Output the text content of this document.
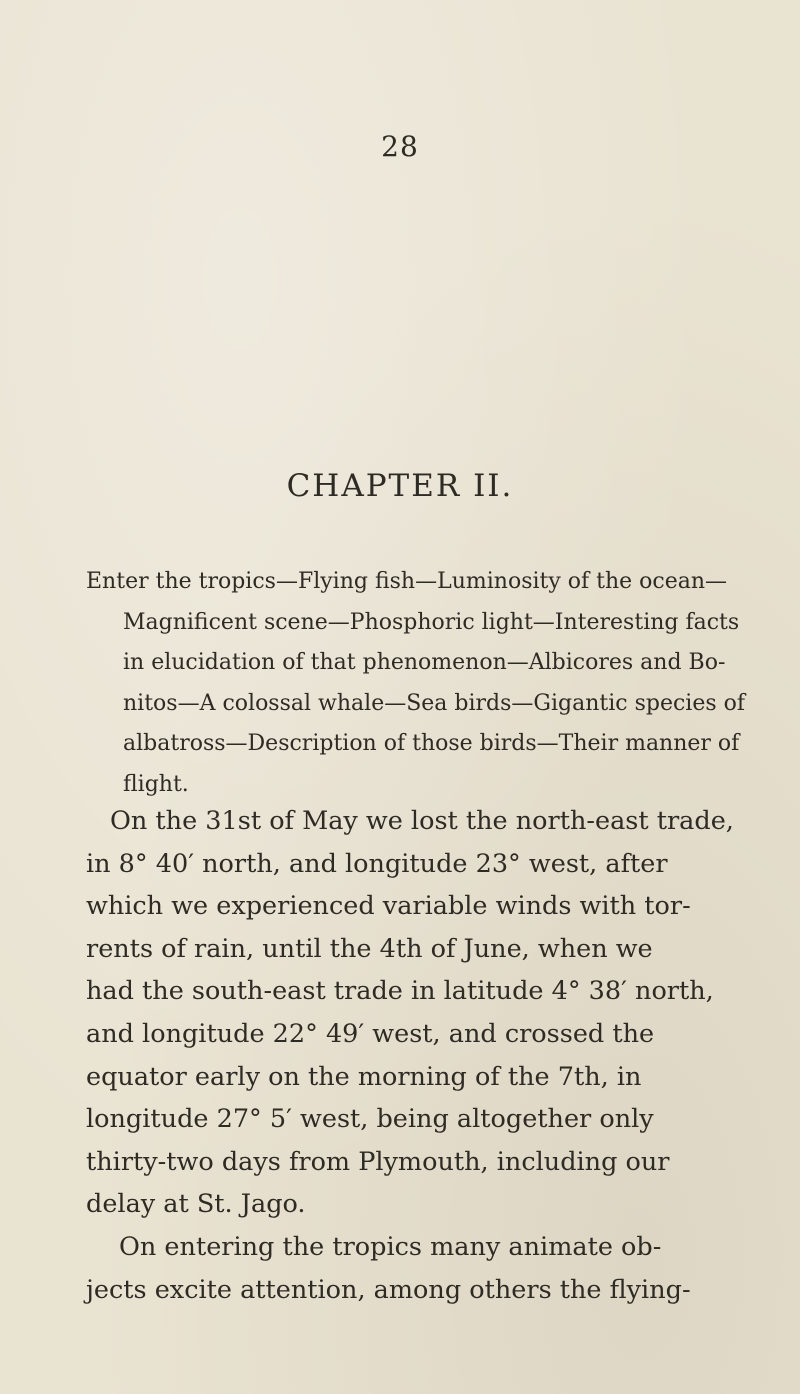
28
CHAPTER II.
Enter the tropics—Flying fish—Luminosity of the ocean—
Magnificent scene—Phosphoric light—Interesting facts
in elucidation of that phenomenon—Albicores and Bo-
nitos—A colossal whale—Sea birds—Gigantic species of
albatross—Description of those birds—Their manner of
flight.
On the 31st of May we lost the north-east trade,
in 8° 40′ north, and longitude 23° west, after
which we experienced variable winds with tor-
rents of rain, until the 4th of June, when we
had the south-east trade in latitude 4° 38′ north,
and longitude 22° 49′ west, and crossed the
equator early on the morning of the 7th, in
longitude 27° 5′ west, being altogether only
thirty-two days from Plymouth, including our
delay at St. Jago.
On entering the tropics many animate ob-
jects excite attention, among others the flying-
